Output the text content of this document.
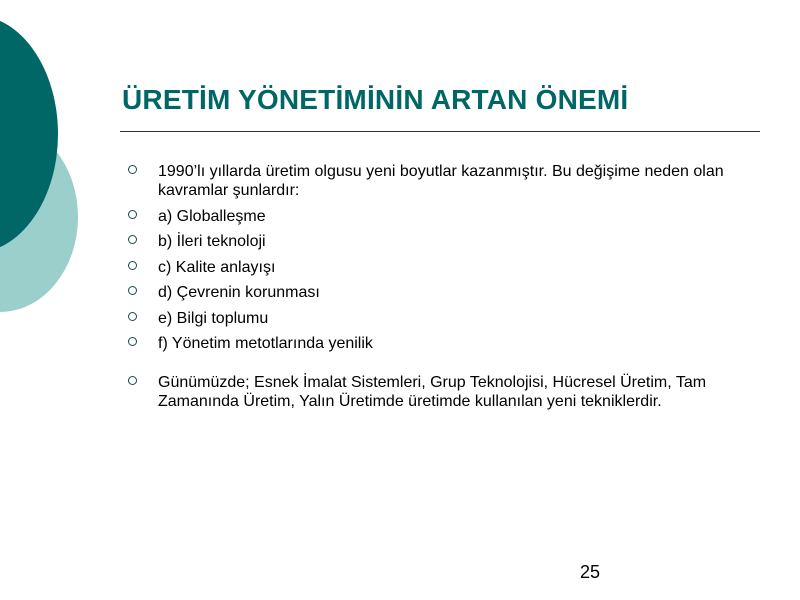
ÜRETİM YÖNETİMİNİN ARTAN ÖNEMİ
1990’lı yıllarda üretim olgusu yeni boyutlar kazanmıştır. Bu değişime neden olan kavramlar şunlardır:
a) Globalleşme
b) İleri teknoloji
c) Kalite anlayışı
d) Çevrenin korunması
e) Bilgi toplumu
f) Yönetim metotlarında yenilik
Günümüzde; Esnek İmalat Sistemleri, Grup Teknolojisi, Hücresel Üretim, Tam Zamanında Üretim, Yalın Üretimde üretimde kullanılan yeni tekniklerdir.
25
